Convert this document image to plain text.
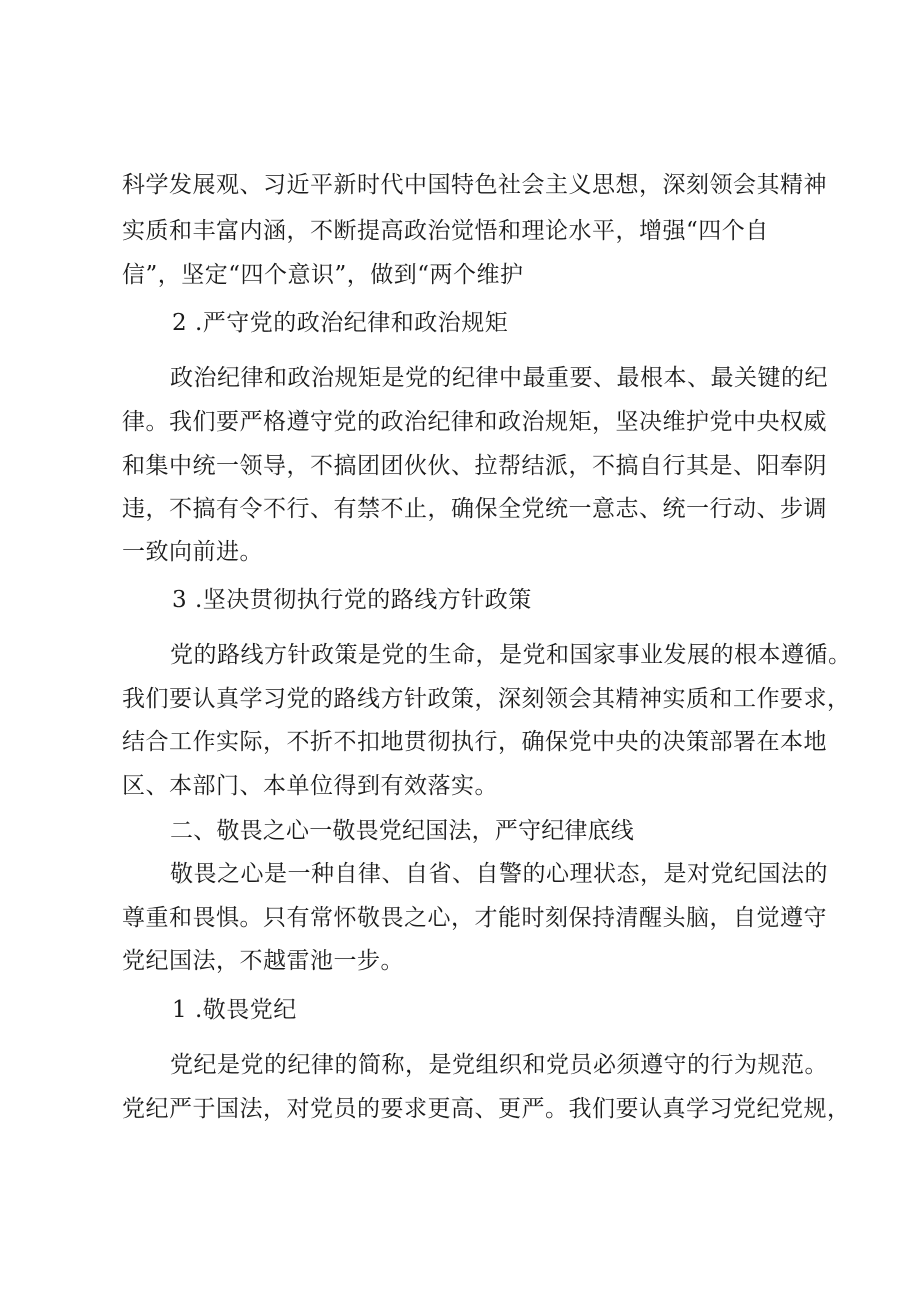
科学发展观、习近平新时代中国特色社会主义思想，深刻领会其精神
实质和丰富内涵，不断提高政治觉悟和理论水平，增强“四个自
信”，坚定“四个意识”，做到“两个维护
2 .严守党的政治纪律和政治规矩
政治纪律和政治规矩是党的纪律中最重要、最根本、最关键的纪
律。我们要严格遵守党的政治纪律和政治规矩，坚决维护党中央权威
和集中统一领导，不搞团团伙伙、拉帮结派，不搞自行其是、阳奉阴
违，不搞有令不行、有禁不止，确保全党统一意志、统一行动、步调
一致向前进。
3 .坚决贯彻执行党的路线方针政策
党的路线方针政策是党的生命，是党和国家事业发展的根本遵循。
我们要认真学习党的路线方针政策，深刻领会其精神实质和工作要求，
结合工作实际，不折不扣地贯彻执行，确保党中央的决策部署在本地
区、本部门、本单位得到有效落实。
二、敬畏之心一敬畏党纪国法，严守纪律底线
敬畏之心是一种自律、自省、自警的心理状态，是对党纪国法的
尊重和畏惧。只有常怀敬畏之心，才能时刻保持清醒头脑，自觉遵守
党纪国法，不越雷池一步。
1 .敬畏党纪
党纪是党的纪律的简称，是党组织和党员必须遵守的行为规范。
党纪严于国法，对党员的要求更高、更严。我们要认真学习党纪党规，
